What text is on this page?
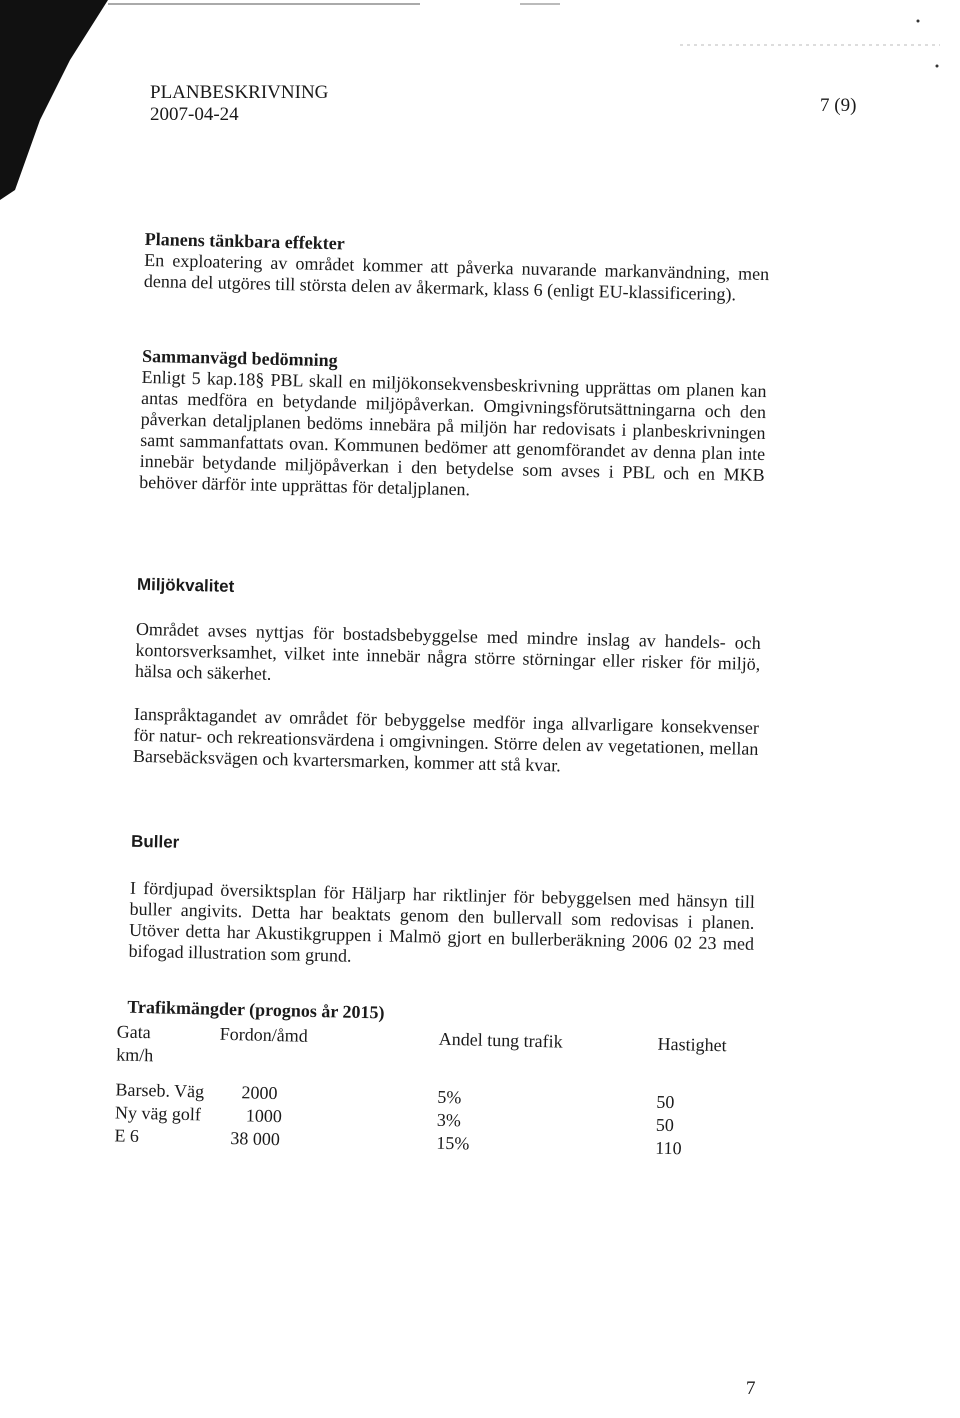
PLANBESKRIVNING
2007-04-24	7 (9)

Planens tänkbara effekter

En exploatering av området kommer att påverka nuvarande markanvändning, men denna del utgöres till största delen av åkermark, klass 6 (enligt EU-klassificering).

Sammanvägd bedömning

Enligt 5 kap.18§ PBL skall en miljökonsekvensbeskrivning upprättas om planen kan antas medföra en betydande miljöpåverkan. Omgivningsförutsättningarna och den påverkan detaljplanen bedöms innebära på miljön har redovisats i planbeskrivningen samt sammanfattats ovan. Kommunen bedömer att genomförandet av denna plan inte innebär betydande miljöpåverkan i den betydelse som avses i PBL och en MKB behöver därför inte upprättas för detaljplanen.

Miljökvalitet

Området avses nyttjas för bostadsbebyggelse med mindre inslag av handels- och kontorsverksamhet, vilket inte innebär några större störningar eller risker för miljö, hälsa och säkerhet.

Ianspråktagandet av området för bebyggelse medför inga allvarligare konsekvenser för natur- och rekreationsvärdena i omgivningen. Större delen av vegetationen, mellan Barsebäcksvägen och kvartersmarken, kommer att stå kvar.

Buller

I fördjupad översiktsplan för Häljarp har riktlinjer för bebyggelsen med hänsyn till buller angivits. Detta har beaktats genom den bullervall som redovisas i planen. Utöver detta har Akustikgruppen i Malmö gjort en bullerberäkning 2006 02 23 med bifogad illustration som grund.

Trafikmängder (prognos år 2015)

Gata	Fordon/åmd	Andel tung trafik	Hastighet
km/h
Barseb. Väg 2000	5%	50
Ny väg golf 1000	3%	50
E 6	38 000	15%	110
7
